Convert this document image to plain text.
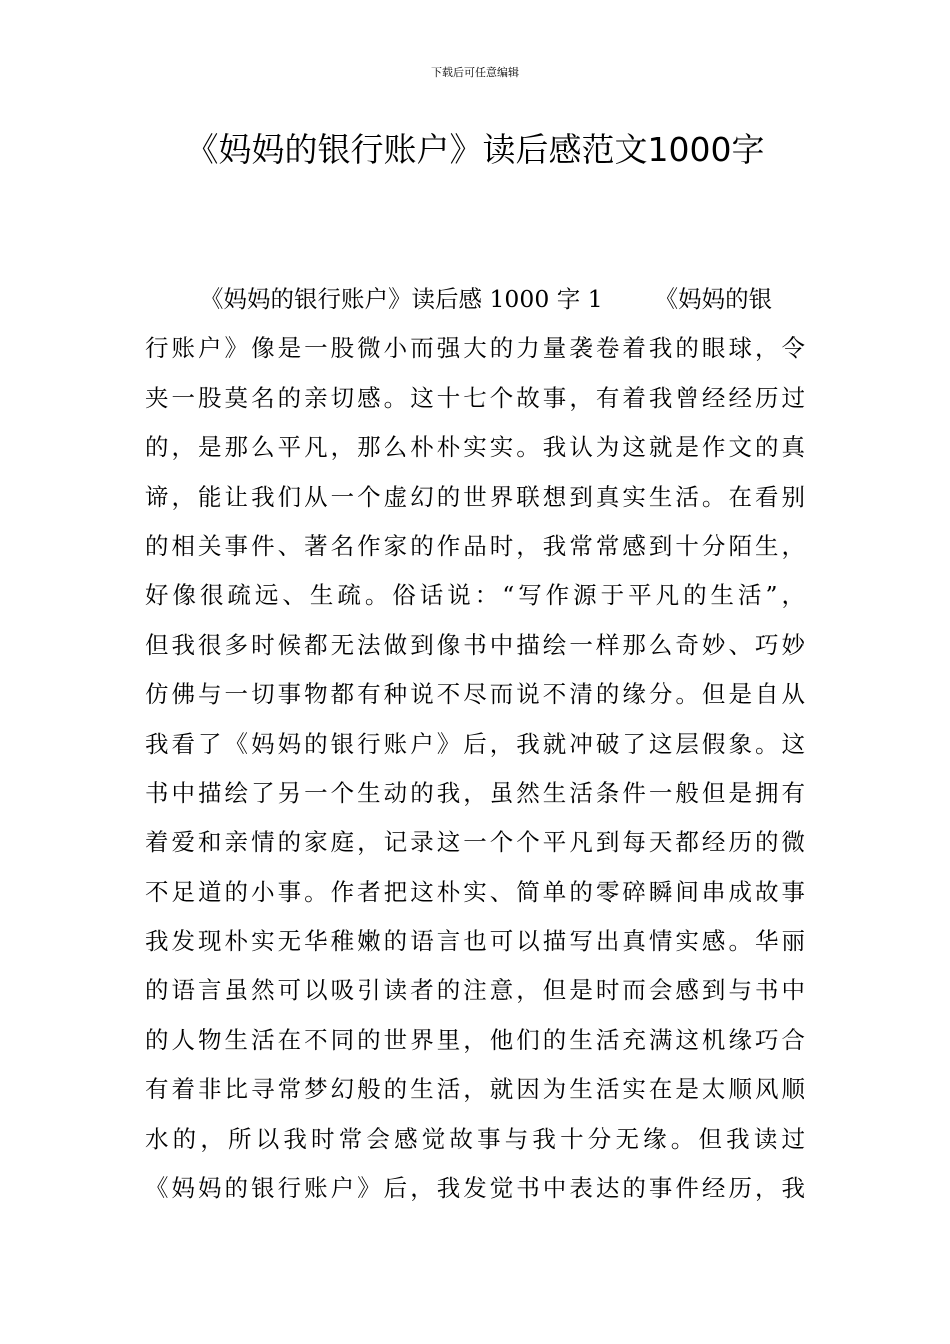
下载后可任意编辑

《妈妈的银行账户》读后感范文1000字
《妈妈的银行账户》读后感 1000 字 1 《妈妈的银
行账户》像是一股微小而强大的力量袭卷着我的眼球，令
夹一股莫名的亲切感。这十七个故事，有着我曾经经历过
的，是那么平凡，那么朴朴实实。我认为这就是作文的真
谛，能让我们从一个虚幻的世界联想到真实生活。在看别
的相关事件、著名作家的作品时，我常常感到十分陌生，
好像很疏远、生疏。俗话说：“写作源于平凡的生活”，
但我很多时候都无法做到像书中描绘一样那么奇妙、巧妙
仿佛与一切事物都有种说不尽而说不清的缘分。但是自从
我看了《妈妈的银行账户》后，我就冲破了这层假象。这
书中描绘了另一个生动的我，虽然生活条件一般但是拥有
着爱和亲情的家庭，记录这一个个平凡到每天都经历的微
不足道的小事。作者把这朴实、简单的零碎瞬间串成故事
我发现朴实无华稚嫩的语言也可以描写出真情实感。华丽
的语言虽然可以吸引读者的注意，但是时而会感到与书中
的人物生活在不同的世界里，他们的生活充满这机缘巧合
有着非比寻常梦幻般的生活，就因为生活实在是太顺风顺
水的，所以我时常会感觉故事与我十分无缘。但我读过
《妈妈的银行账户》后，我发觉书中表达的事件经历，我
